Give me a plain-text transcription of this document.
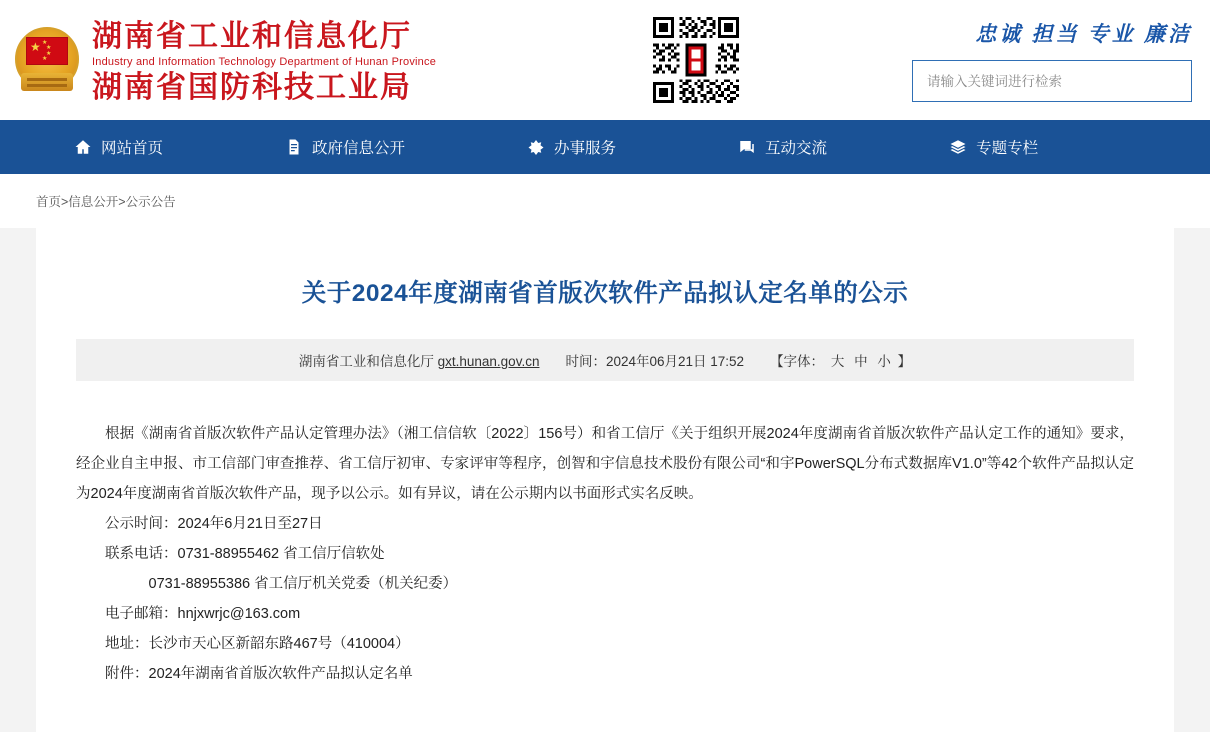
★ ★
★
★
★
湖南省工业和信息化厅
Industry and Information Technology Department of Hunan Province
湖南省国防科技工业局
忠诚 担当 专业 廉洁
请输入关键词进行检索
网站首页	政府信息公开	办事服务	互动交流	专题专栏
首页>信息公开>公示公告
关于2024年度湖南省首版次软件产品拟认定名单的公示
湖南省工业和信息化厅 gxt.hunan.gov.cn 时间：2024年06月21日 17:52 【字体： 大 中 小 】

根据《湖南省首版次软件产品认定管理办法》（湘工信信软〔2022〕156号）和省工信厅《关于组织开展2024年度湖南省首版次软件产品认定工作的通知》要求，经企业自主申报、市工信部门审查推荐、省工信厅初审、专家评审等程序，创智和宇信息技术股份有限公司“和宇PowerSQL分布式数据库V1.0”等42个软件产品拟认定为2024年度湖南省首版次软件产品，现予以公示。如有异议，请在公示期内以书面形式实名反映。

公示时间：2024年6月21日至27日

联系电话：0731-88955462 省工信厅信软处

0731-88955386 省工信厅机关党委（机关纪委）

电子邮箱：hnjxwrjc@163.com

地址：长沙市天心区新韶东路467号（410004）

附件：2024年湖南省首版次软件产品拟认定名单
